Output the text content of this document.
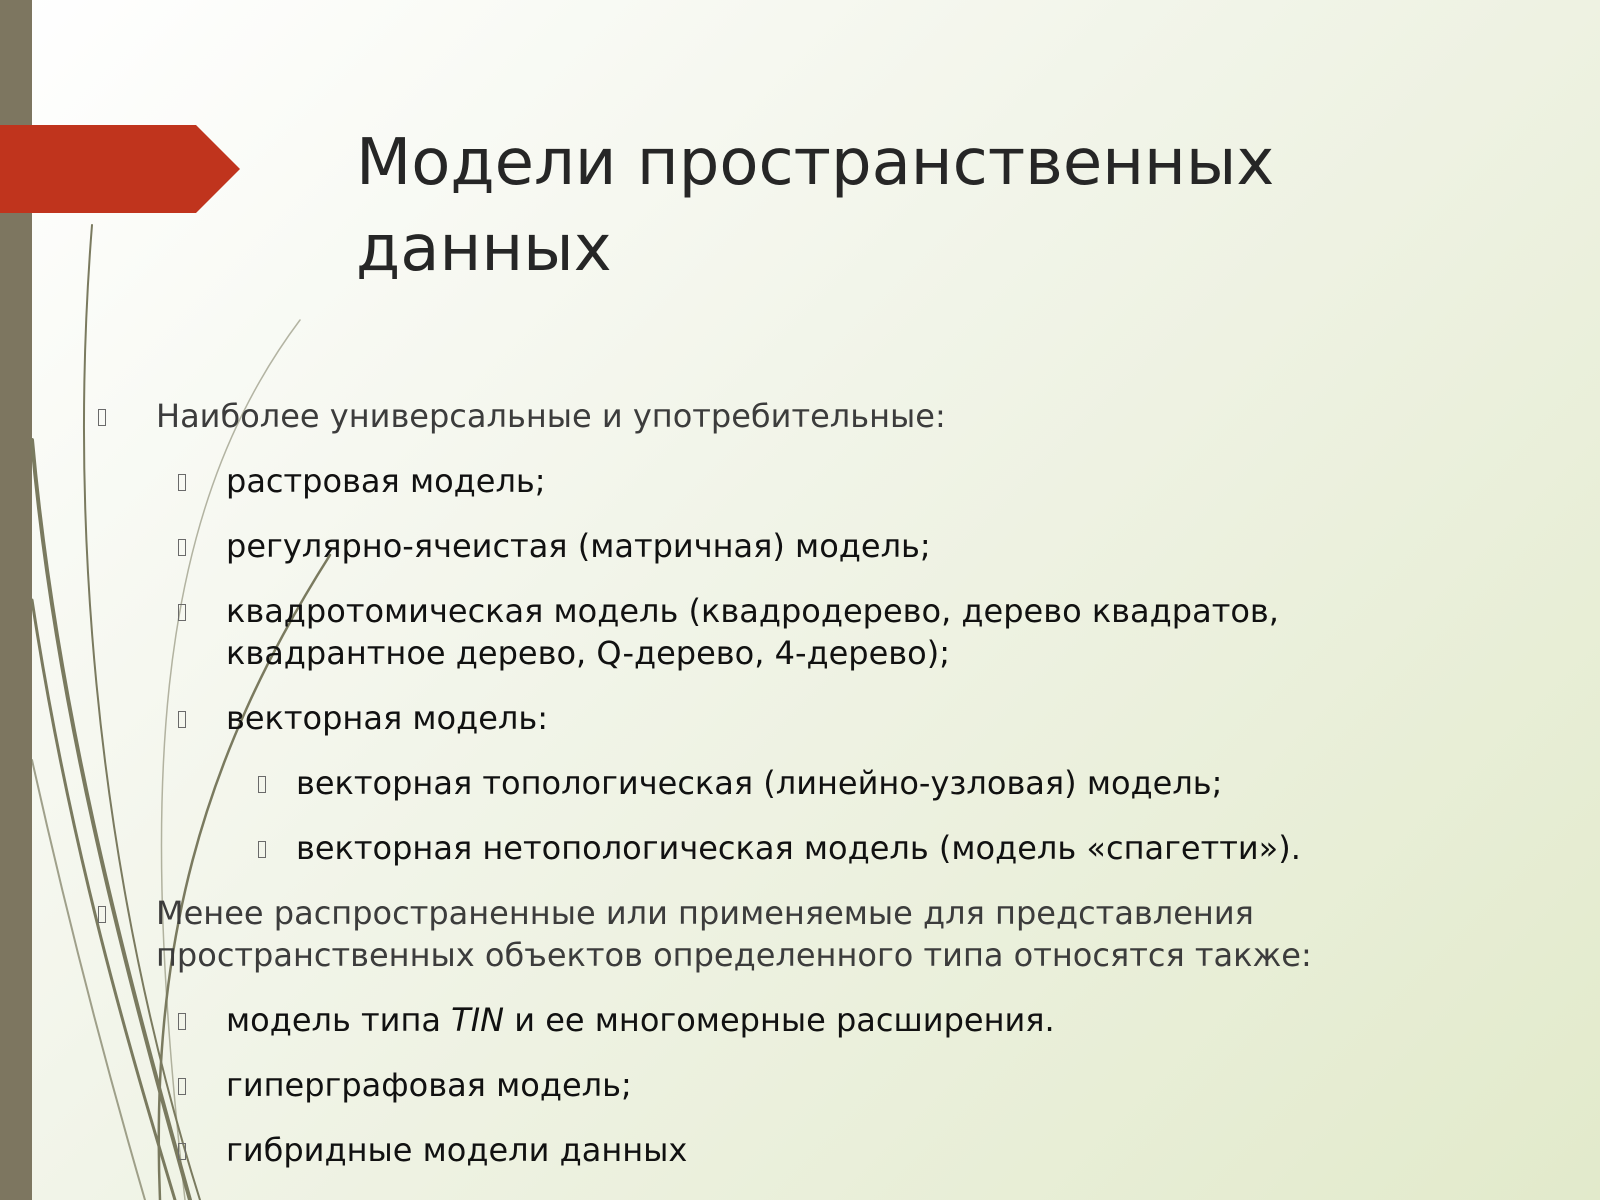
Модели пространственных
данных
Наиболее универсальные и употребительные:
растровая модель;
регулярно-ячеистая (матричная) модель;
квадротомическая модель (квадродерево, дерево квадратов,
квадрантное дерево, Q-дерево, 4-дерево);
векторная модель:
векторная топологическая (линейно-узловая) модель;
векторная нетопологическая модель (модель «спагетти»).
Менее распространенные или применяемые для представления
пространственных объектов определенного типа относятся также:
модель типа TIN и ее многомерные расширения.
гиперграфовая модель;
гибридные модели данных
